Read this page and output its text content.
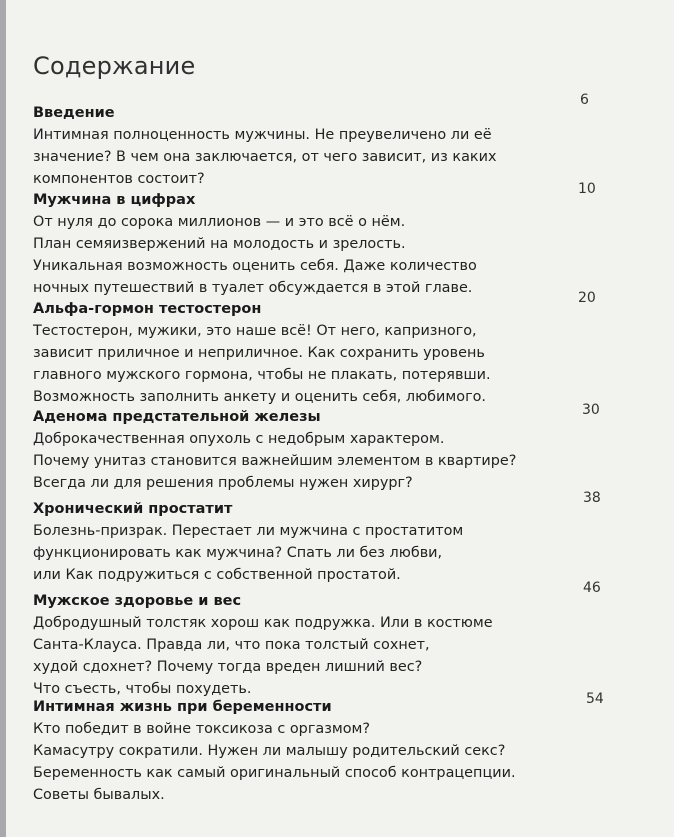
Содержание
Введение
Интимная полноценность мужчины. Не преувеличено ли её
значение? В чем она заключается, от чего зависит, из каких
компонентов состоит?
6
Мужчина в цифрах
От нуля до сорока миллионов — и это всё о нём.
План семяизвержений на молодость и зрелость.
Уникальная возможность оценить себя. Даже количество
ночных путешествий в туалет обсуждается в этой главе.
10
Альфа-гормон тестостерон
Тестостерон, мужики, это наше всё! От него, капризного,
зависит приличное и неприличное. Как сохранить уровень
главного мужского гормона, чтобы не плакать, потерявши.
Возможность заполнить анкету и оценить себя, любимого.
20
Аденома предстательной железы
Доброкачественная опухоль с недобрым характером.
Почему унитаз становится важнейшим элементом в квартире?
Всегда ли для решения проблемы нужен хирург?
30
Хронический простатит
Болезнь-призрак. Перестает ли мужчина с простатитом
функционировать как мужчина? Спать ли без любви,
или Как подружиться с собственной простатой.
38
Мужское здоровье и вес
Добродушный толстяк хорош как подружка. Или в костюме
Санта-Клауса. Правда ли, что пока толстый сохнет,
худой сдохнет? Почему тогда вреден лишний вес?
Что съесть, чтобы похудеть.
46
Интимная жизнь при беременности
Кто победит в войне токсикоза с оргазмом?
Камасутру сократили. Нужен ли малышу родительский секс?
Беременность как самый оригинальный способ контрацепции.
Советы бывалых.
54
